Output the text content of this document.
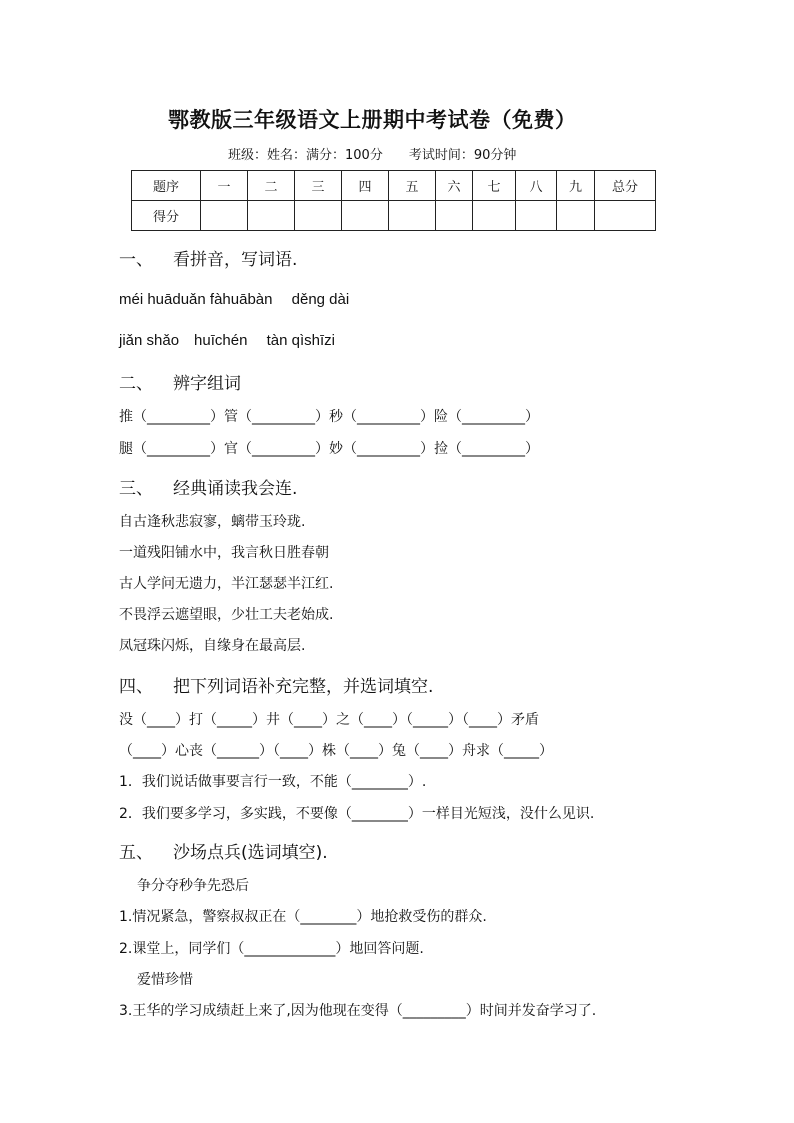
鄂教版三年级语文上册期中考试卷（免费）
班级：姓名：满分：100分　　考试时间：90分钟
题序	一	二	三	四	五	六	七	八	九	总分
得分										
一、 看拼音，写词语.
méi huāduǎn fàhuābàn　 děng dài
jiǎn shǎo　huīchén　 tàn qìshīzi
二、 辨字组词
推（_________）管（_________）秒（_________）险（_________）
腿（_________）官（_________）妙（_________）捡（_________）
三、 经典诵读我会连.
自古逢秋悲寂寥，螭带玉玲珑.
一道残阳铺水中，我言秋日胜春朝
古人学问无遗力，半江瑟瑟半江红.
不畏浮云遮望眼，少壮工夫老始成.
凤冠珠闪烁，自缘身在最高层.
四、 把下列词语补充完整，并选词填空.
没（____）打（_____）井（____）之（____）（_____）（____）矛盾
（____）心丧（______）（____）株（____）兔（____）舟求（_____）
1．我们说话做事要言行一致，不能（________）.
2．我们要多学习，多实践，不要像（________）一样目光短浅，没什么见识.
五、 沙场点兵(选词填空).
争分夺秒争先恐后
1.情况紧急，警察叔叔正在（________）地抢救受伤的群众.
2.课堂上，同学们（_____________）地回答问题.
爱惜珍惜
3.王华的学习成绩赶上来了,因为他现在变得（_________）时间并发奋学习了.
